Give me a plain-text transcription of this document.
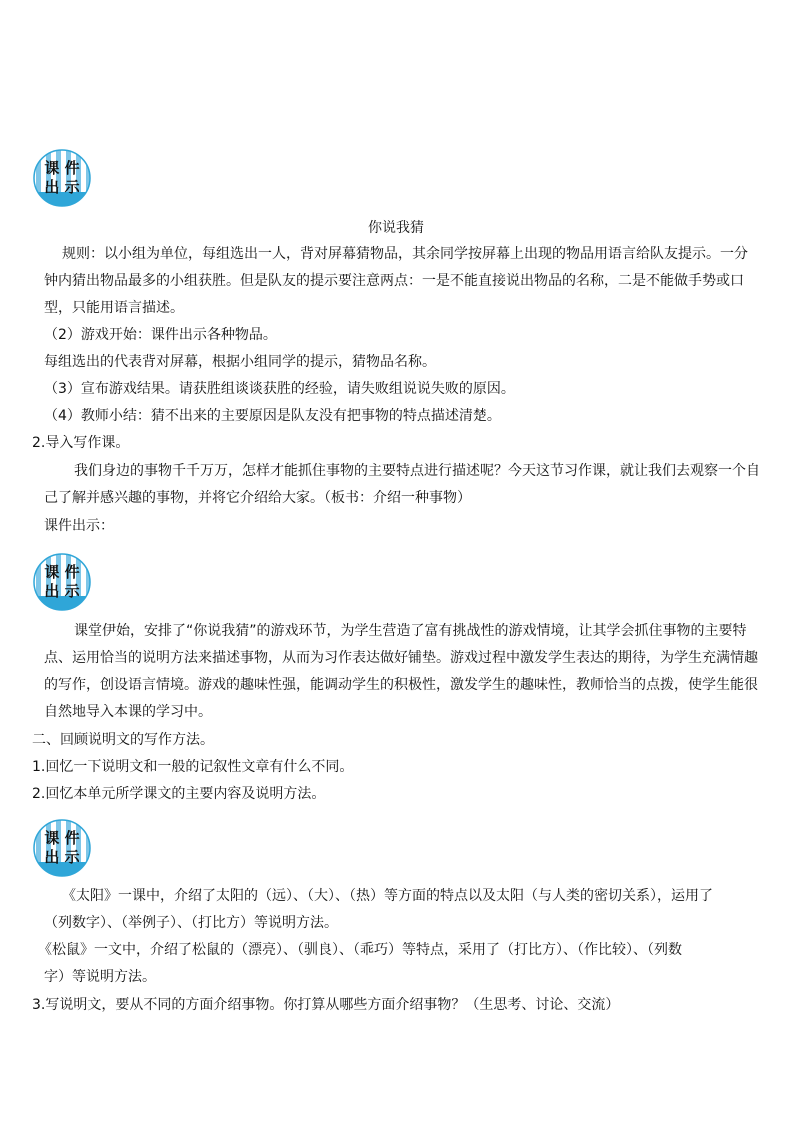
课 件
出 示
你说我猜
规则：以小组为单位，每组选出一人，背对屏幕猜物品，其余同学按屏幕上出现的物品用语言给队友提示。一分
钟内猜出物品最多的小组获胜。但是队友的提示要注意两点：一是不能直接说出物品的名称，二是不能做手势或口
型，只能用语言描述。
（2）游戏开始：课件出示各种物品。
每组选出的代表背对屏幕，根据小组同学的提示，猜物品名称。
（3）宣布游戏结果。请获胜组谈谈获胜的经验，请失败组说说失败的原因。
（4）教师小结：猜不出来的主要原因是队友没有把事物的特点描述清楚。
2.导入写作课。
我们身边的事物千千万万，怎样才能抓住事物的主要特点进行描述呢？今天这节习作课，就让我们去观察一个自
己了解并感兴趣的事物，并将它介绍给大家。（板书：介绍一种事物）
课件出示：
课 件
出 示
课堂伊始，安排了“你说我猜”的游戏环节，为学生营造了富有挑战性的游戏情境，让其学会抓住事物的主要特
点、运用恰当的说明方法来描述事物，从而为习作表达做好铺垫。游戏过程中激发学生表达的期待，为学生充满情趣
的写作，创设语言情境。游戏的趣味性强，能调动学生的积极性，激发学生的趣味性，教师恰当的点拨，使学生能很
自然地导入本课的学习中。
二、回顾说明文的写作方法。
1.回忆一下说明文和一般的记叙性文章有什么不同。
2.回忆本单元所学课文的主要内容及说明方法。
课 件
出 示
《太阳》一课中，介绍了太阳的（远）、（大）、（热）等方面的特点以及太阳（与人类的密切关系），运用了
（列数字）、（举例子）、（打比方）等说明方法。
《松鼠》一文中，介绍了松鼠的（漂亮）、（驯良）、（乖巧）等特点，采用了（打比方）、（作比较）、（列数
字）等说明方法。
3.写说明文，要从不同的方面介绍事物。你打算从哪些方面介绍事物？（生思考、讨论、交流）
